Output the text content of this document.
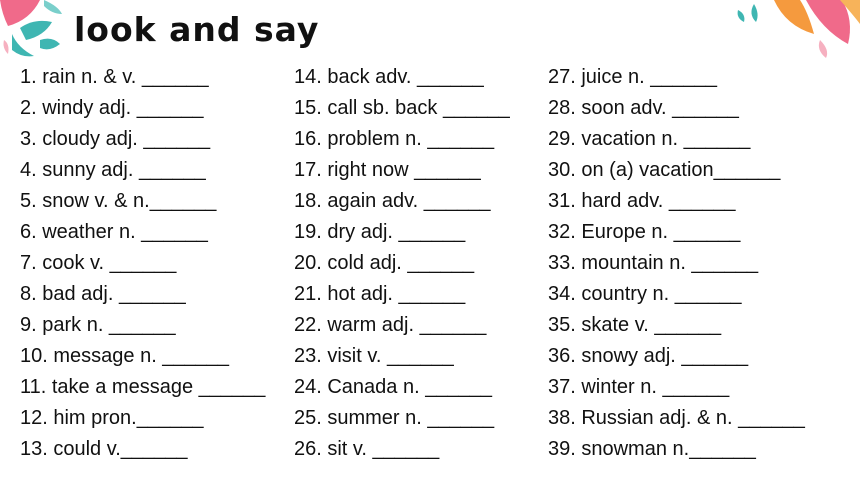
look and say
1. rain n. & v. ______
2. windy adj. ______
3. cloudy adj. ______
4. sunny adj. ______
5. snow v. & n.______
6. weather n. ______
7. cook v. ______
8. bad adj. ______
9. park n. ______
10. message n. ______
11. take a message ______
12. him pron.______
13. could v.______
14. back adv. ______
15. call sb. back ______
16. problem n. ______
17. right now ______
18. again adv. ______
19. dry adj. ______
20. cold adj. ______
21. hot adj. ______
22. warm adj. ______
23. visit v. ______
24. Canada n. ______
25. summer n. ______
26. sit v. ______
27. juice n. ______
28. soon adv. ______
29. vacation n. ______
30. on (a) vacation______
31. hard adv. ______
32. Europe n. ______
33. mountain n. ______
34. country n. ______
35. skate v. ______
36. snowy adj. ______
37. winter n. ______
38. Russian adj. & n. ______
39. snowman n.______
